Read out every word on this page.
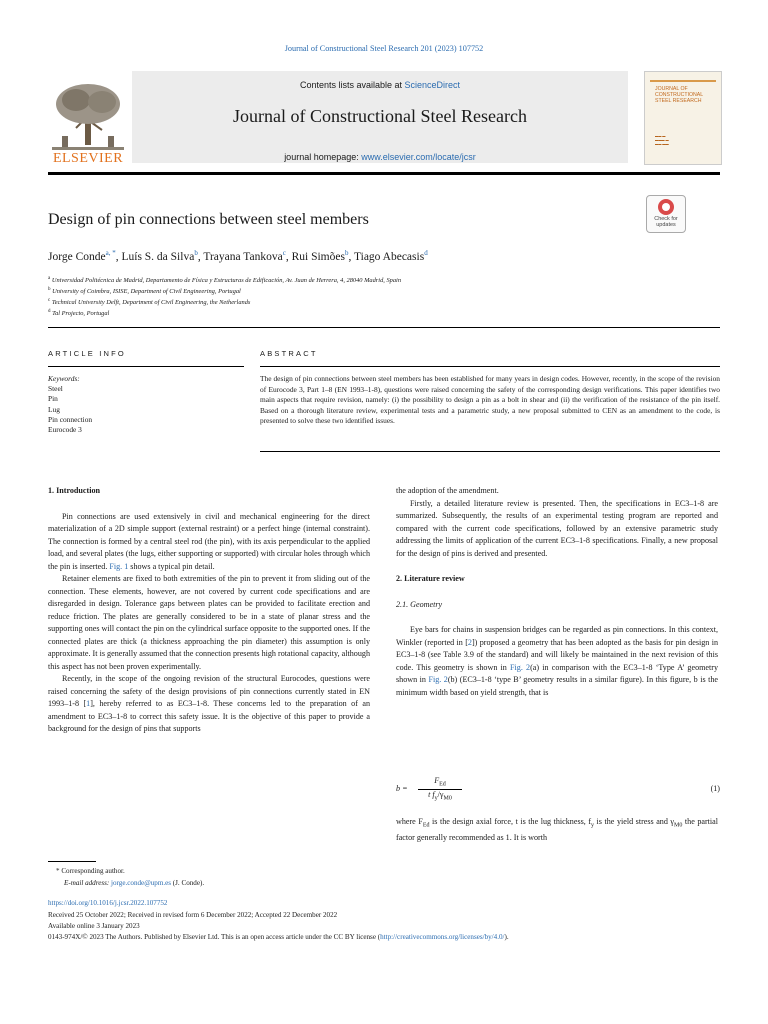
Journal of Constructional Steel Research 201 (2023) 107752
ELSEVIER
Contents lists available at ScienceDirect
Journal of Constructional Steel Research
journal homepage: www.elsevier.com/locate/jcsr
JOURNAL OF CONSTRUCTIONAL STEEL RESEARCH
▬▬ ▬
▬▬▬ ▬
▬▬ ▬▬
Design of pin connections between steel members	Check for updates
Jorge Conde$^{a, *}$, Luís S. da Silva$^b$, Trayana Tankova$^c$, Rui Simões$^b$, Tiago Abecasis$^d$
$^a$ Universidad Politécnica de Madrid, Departamento de Física y Estructuras de Edificación, Av. Juan de Herrera, 4, 28040 Madrid, Spain
$^b$ University of Coimbra, ISISE, Department of Civil Engineering, Portugal
$^c$ Technical University Delft, Department of Civil Engineering, the Netherlands
$^d$ Tal Projecto, Portugal
ARTICLE INFO	ABSTRACT
Keywords:
Steel
Pin
Lug
Pin connection
Eurocode 3
The design of pin connections between steel members has been established for many years in design codes. However, recently, in the scope of the revision of Eurocode 3, Part 1–8 (EN 1993–1-8), questions were raised concerning the safety of the corresponding design verifications. This paper identifies two main aspects that require revision, namely: (i) the possibility to design a pin as a bolt in shear and (ii) the verification of the resistance of the pin itself. Based on a thorough literature review, experimental tests and a parametric study, a new proposal submitted to CEN as an amendment to the code, is presented to solve these two identified issues.
1. Introduction

Pin connections are used extensively in civil and mechanical engineering for the direct materialization of a 2D simple support (external restraint) or a perfect hinge (internal constraint). The connection is formed by a central steel rod (the pin), with its axis perpendicular to the applied load, and several plates (the lugs, either supporting or supported) with circular holes through which the pin is inserted. Fig. 1 shows a typical pin detail.

Retainer elements are fixed to both extremities of the pin to prevent it from sliding out of the connection. These elements, however, are not covered by current code specifications and are disregarded in design. Tolerance gaps between plates can be provided to facilitate erection and reduce friction. The plates are generally considered to be in a state of planar stress and the supporting ones will contact the pin on the cylindrical surface opposite to the supported ones. If the connected plates are thick (a thickness approaching the pin diameter) this assumption is only approximate. It is generally assumed that the connection presents high rotational capacity, although this aspect has not been proven experimentally.

Recently, in the scope of the ongoing revision of the structural Eurocodes, questions were raised concerning the safety of the design provisions of pin connections currently stated in EN 1993–1-8 [1], hereby referred to as EC3–1-8. These concerns led to the preparation of an amendment to EC3–1-8 to correct this safety issue. It is the objective of this paper to provide a background for the design of pins that supports

the adoption of the amendment.

Firstly, a detailed literature review is presented. Then, the specifications in EC3–1-8 are summarized. Subsequently, the results of an experimental testing program are reported and compared with the current code specifications, followed by an extensive parametric study addressing the limits of application of the current EC3–1-8 specifications. Finally, a new proposal for the design of pins is derived and presented.

2. Literature review
2.1. Geometry

Eye bars for chains in suspension bridges can be regarded as pin connections. In this context, Winkler (reported in [2]) proposed a geometry that has been adopted as the basis for pin design in EC3–1-8 (see Table 3.9 of the standard) and will likely be maintained in the next revision of this code. This geometry is shown in Fig. 2(a) in comparison with the EC3–1-8 ‘Type A’ geometry shown in Fig. 2(b) (EC3–1-8 ‘type B’ geometry results in a similar figure). In this figure, b is the minimum width based on yield strength, that is

b =
$F_{Ed}$
t $f_y/\gamma_{M0}$
(1)

where $F_{Ed}$ is the design axial force, t is the lug thickness, $f_y$ is the yield stress and $\gamma_{M0}$ the partial factor generally recommended as 1. It is worth

* Corresponding author.
E-mail address: jorge.conde@upm.es (J. Conde).
https://doi.org/10.1016/j.jcsr.2022.107752
Received 25 October 2022; Received in revised form 6 December 2022; Accepted 22 December 2022
Available online 3 January 2023
0143-974X/© 2023 The Authors. Published by Elsevier Ltd. This is an open access article under the CC BY license (http://creativecommons.org/licenses/by/4.0/).
